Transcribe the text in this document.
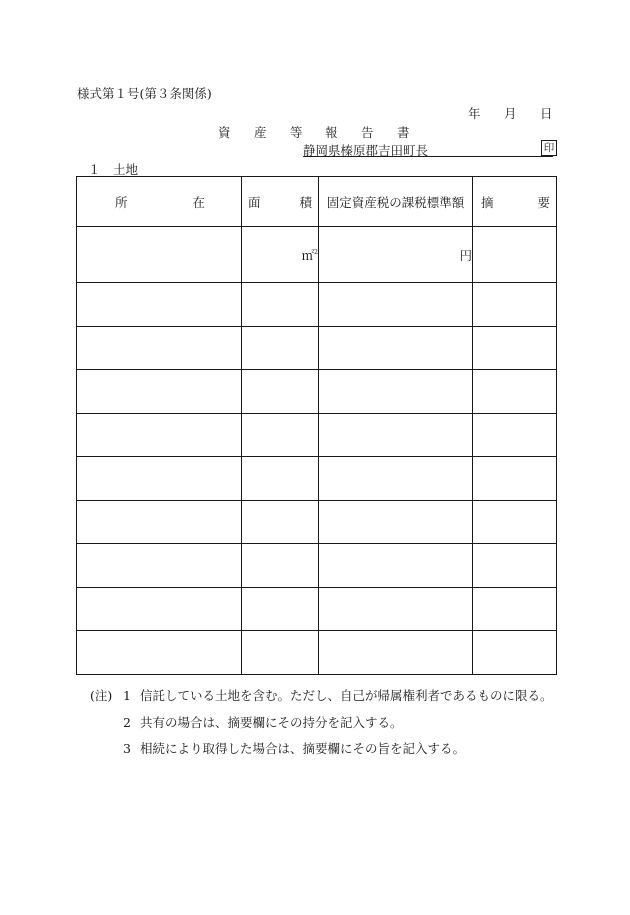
様式第１号(第３条関係)
年 月 日
資 産 等 報 告 書
静岡県榛原郡吉田町長	印
１　土地
所 在	面 積	固定資産税の課税標準額	摘 要

	㎡$^2$	円	

(注) 1 信託している土地を含む。ただし、自己が帰属権利者であるものに限る。
2 共有の場合は、摘要欄にその持分を記入する。
3 相続により取得した場合は、摘要欄にその旨を記入する。
